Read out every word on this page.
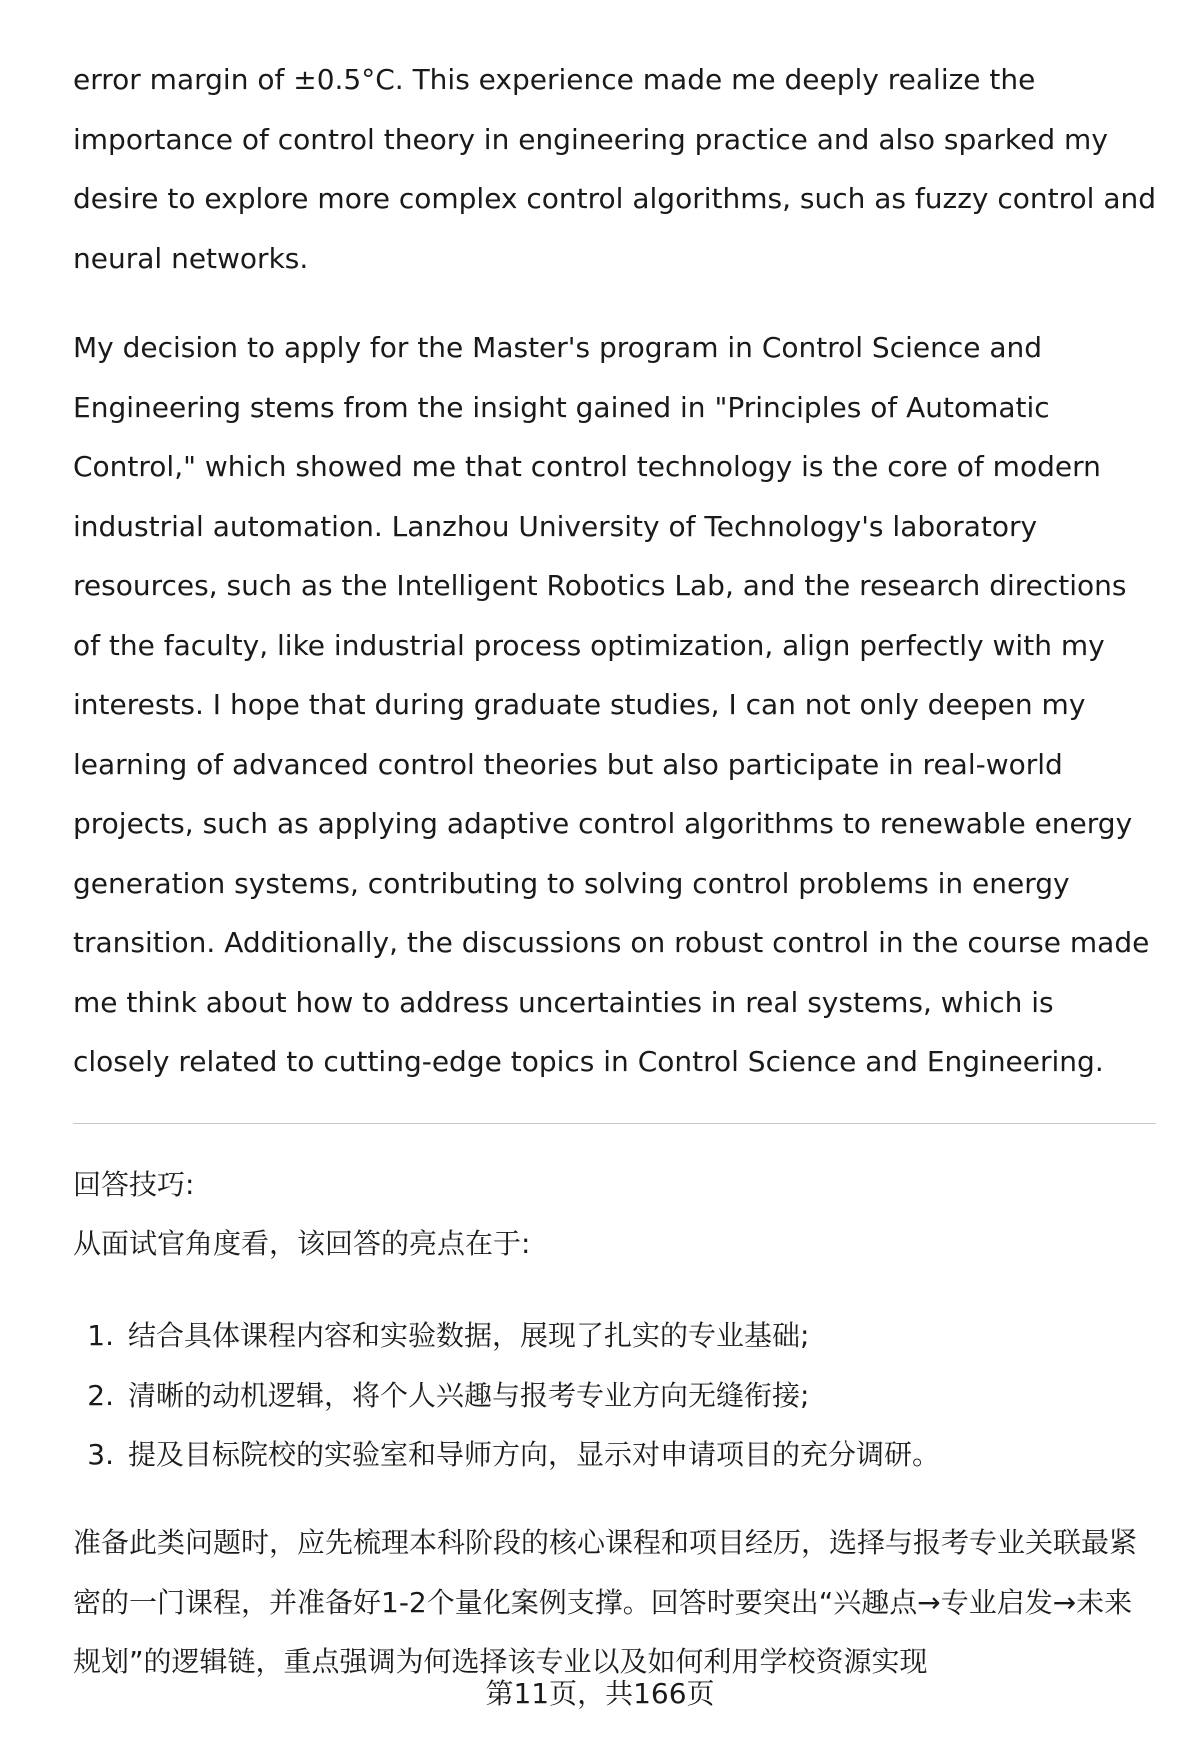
error margin of ±0.5°C. This experience made me deeply realize the importance of control theory in engineering practice and also sparked my desire to explore more complex control algorithms, such as fuzzy control and neural networks.

My decision to apply for the Master's program in Control Science and Engineering stems from the insight gained in "Principles of Automatic Control," which showed me that control technology is the core of modern industrial automation. Lanzhou University of Technology's laboratory resources, such as the Intelligent Robotics Lab, and the research directions of the faculty, like industrial process optimization, align perfectly with my interests. I hope that during graduate studies, I can not only deepen my learning of advanced control theories but also participate in real-world projects, such as applying adaptive control algorithms to renewable energy generation systems, contributing to solving control problems in energy transition. Additionally, the discussions on robust control in the course made me think about how to address uncertainties in real systems, which is closely related to cutting-edge topics in Control Science and Engineering.

回答技巧:
从面试官角度看，该回答的亮点在于:
1. 结合具体课程内容和实验数据，展现了扎实的专业基础;
2. 清晰的动机逻辑，将个人兴趣与报考专业方向无缝衔接;
3. 提及目标院校的实验室和导师方向，显示对申请项目的充分调研。

准备此类问题时，应先梳理本科阶段的核心课程和项目经历，选择与报考专业关联最紧密的一门课程，并准备好1-2个量化案例支撑。回答时要突出“兴趣点→专业启发→未来规划”的逻辑链，重点强调为何选择该专业以及如何利用学校资源实现

第11页，共166页
